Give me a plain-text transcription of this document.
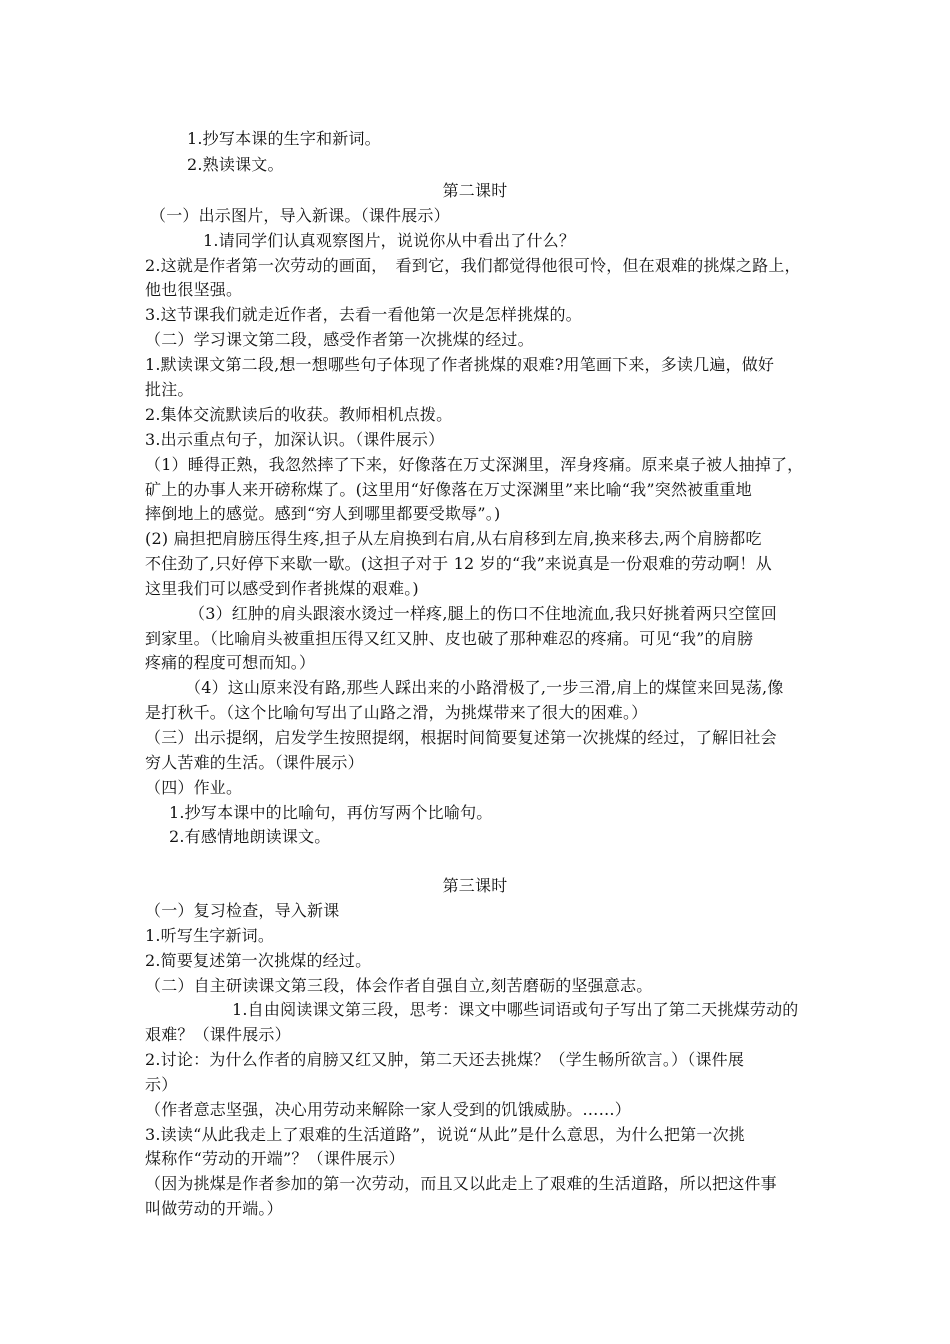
1.抄写本课的生字和新词。
2.熟读课文。
第二课时
（一）出示图片，导入新课。（课件展示）
1.请同学们认真观察图片，说说你从中看出了什么？
2.这就是作者第一次劳动的画面，　看到它，我们都觉得他很可怜，但在艰难的挑煤之路上，
他也很坚强。
3.这节课我们就走近作者，去看一看他第一次是怎样挑煤的。
（二）学习课文第二段，感受作者第一次挑煤的经过。
1.默读课文第二段,想一想哪些句子体现了作者挑煤的艰难?用笔画下来，多读几遍，做好
批注。
2.集体交流默读后的收获。教师相机点拨。
3.出示重点句子，加深认识。（课件展示）
（1）睡得正熟，我忽然摔了下来，好像落在万丈深渊里，浑身疼痛。原来桌子被人抽掉了，
矿上的办事人来开磅称煤了。(这里用“好像落在万丈深渊里”来比喻“我”突然被重重地
摔倒地上的感觉。感到“穷人到哪里都要受欺辱”。)
(2) 扁担把肩膀压得生疼,担子从左肩换到右肩,从右肩移到左肩,换来移去,两个肩膀都吃
不住劲了,只好停下来歇一歇。(这担子对于 12 岁的“我”来说真是一份艰难的劳动啊！从
这里我们可以感受到作者挑煤的艰难。)
（3）红肿的肩头跟滚水烫过一样疼,腿上的伤口不住地流血,我只好挑着两只空筐回
到家里。（比喻肩头被重担压得又红又肿、皮也破了那种难忍的疼痛。可见“我”的肩膀
疼痛的程度可想而知。）
（4）这山原来没有路,那些人踩出来的小路滑极了,一步三滑,肩上的煤筐来回晃荡,像
是打秋千。（这个比喻句写出了山路之滑，为挑煤带来了很大的困难。）
（三）出示提纲，启发学生按照提纲，根据时间简要复述第一次挑煤的经过，了解旧社会
穷人苦难的生活。（课件展示）
（四）作业。
1.抄写本课中的比喻句，再仿写两个比喻句。
2.有感情地朗读课文。
第三课时
（一）复习检查，导入新课
1.听写生字新词。
2.简要复述第一次挑煤的经过。
（二）自主研读课文第三段，体会作者自强自立,刻苦磨砺的坚强意志。
1.自由阅读课文第三段，思考：课文中哪些词语或句子写出了第二天挑煤劳动的
艰难？（课件展示）
2.讨论：为什么作者的肩膀又红又肿，第二天还去挑煤？（学生畅所欲言。）（课件展
示）
（作者意志坚强，决心用劳动来解除一家人受到的饥饿威胁。……）
3.读读“从此我走上了艰难的生活道路”，说说“从此”是什么意思，为什么把第一次挑
煤称作“劳动的开端”？（课件展示）
（因为挑煤是作者参加的第一次劳动，而且又以此走上了艰难的生活道路，所以把这件事
叫做劳动的开端。）
